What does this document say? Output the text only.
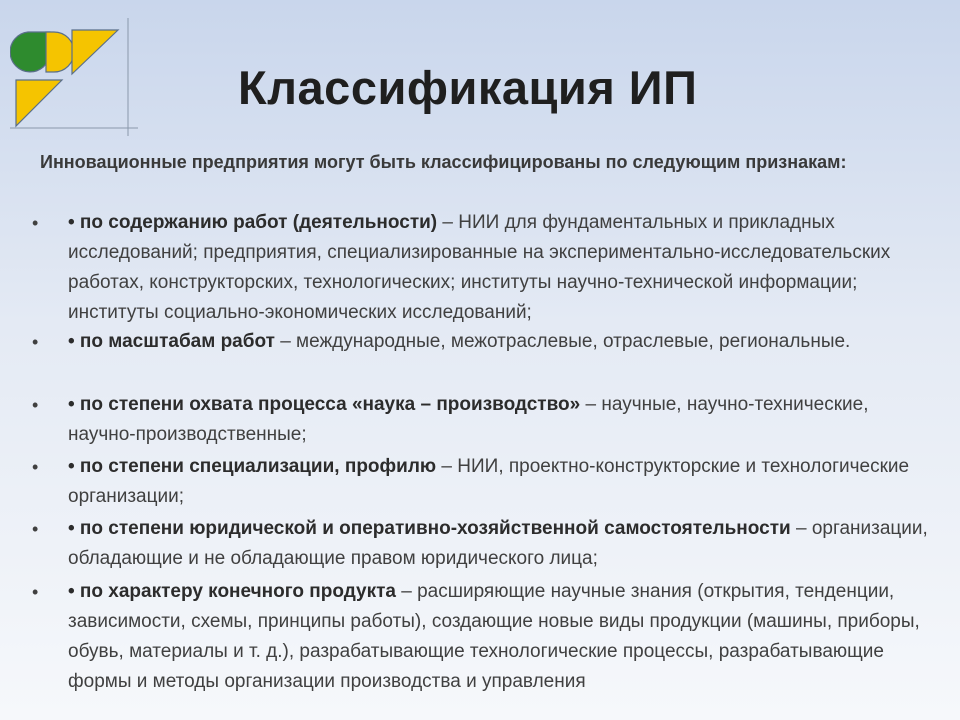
Классификация ИП
Инновационные предприятия могут быть классифицированы по следующим признакам:
• • по содержанию работ (деятельности) – НИИ для фундаментальных и прикладных исследований; предприятия, специализированные на экспериментально-исследовательских работах, конструкторских, технологических; институты научно-технической информации; институты социально-экономических исследований;
• • по масштабам работ – международные, межотраслевые, отраслевые, региональные.
• • по степени охвата процесса «наука – производство» – научные, научно-технические, научно-производственные;
• • по степени специализации, профилю – НИИ, проектно-конструкторские и технологические организации;
• • по степени юридической и оперативно-хозяйственной самостоятельности – организации, обладающие и не обладающие правом юридического лица;
• • по характеру конечного продукта – расширяющие научные знания (открытия, тенденции, зависимости, схемы, принципы работы), создающие новые виды продукции (машины, приборы, обувь, материалы и т. д.), разрабатывающие технологические процессы, разрабатывающие формы и методы организации производства и управления
